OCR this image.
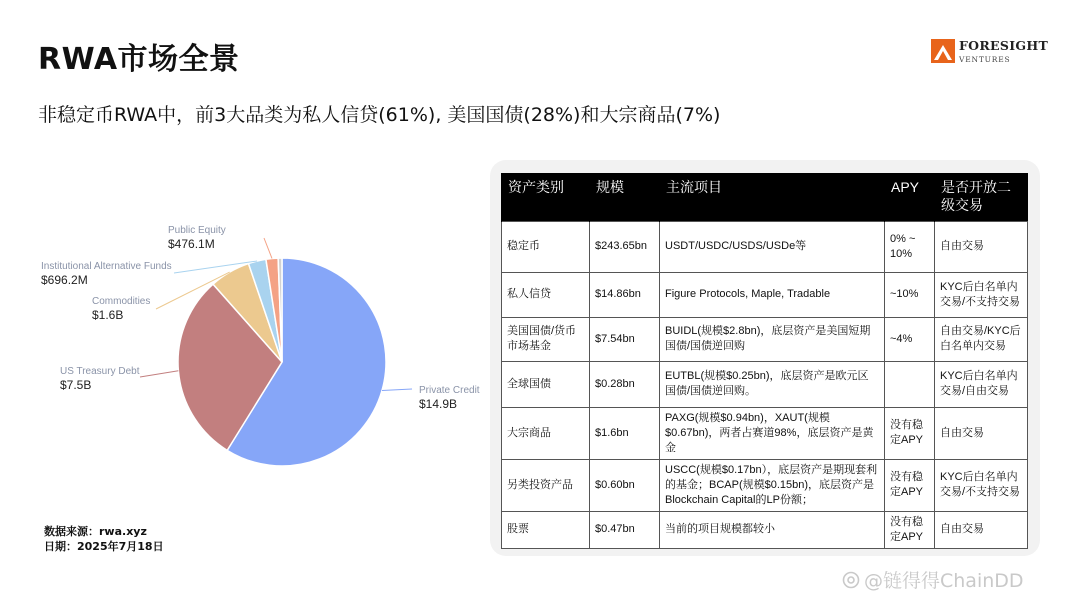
RWA市场全景
非稳定币RWA中，前3大品类为私人信贷(61%), 美国国债(28%)和大宗商品(7%)
FORESIGHT
VENTURES
Private Credit
$14.9B
US Treasury Debt
$7.5B
Commodities
$1.6B
Institutional Alternative Funds
$696.2M
Public Equity
$476.1M
数据来源：rwa.xyz
日期：2025年7月18日
资产类别	规模	主流项目	APY	是否开放二级交易
稳定币	$243.65bn	USDT/USDC/USDS/USDe等	0% ~ 10%	自由交易
私人信贷	$14.86bn	Figure Protocols, Maple, Tradable	~10%	KYC后白名单内交易/不支持交易
美国国债/货币市场基金	$7.54bn	BUIDL(规模$2.8bn)，底层资产是美国短期国债/国债逆回购	~4%	自由交易/KYC后白名单内交易
全球国债	$0.28bn	EUTBL(规模$0.25bn)，底层资产是欧元区国债/国债逆回购。		KYC后白名单内交易/自由交易
大宗商品	$1.6bn	PAXG(规模$0.94bn)，XAUT(规模$0.67bn)，两者占赛道98%，底层资产是黄金	没有稳定APY	自由交易
另类投资产品	$0.60bn	USCC(规模$0.17bn），底层资产是期现套利的基金；BCAP(规模$0.15bn)，底层资产是Blockchain Capital的LP份额；	没有稳定APY	KYC后白名单内交易/不支持交易
股票	$0.47bn	当前的项目规模都较小	没有稳定APY	自由交易
@链得得ChainDD
